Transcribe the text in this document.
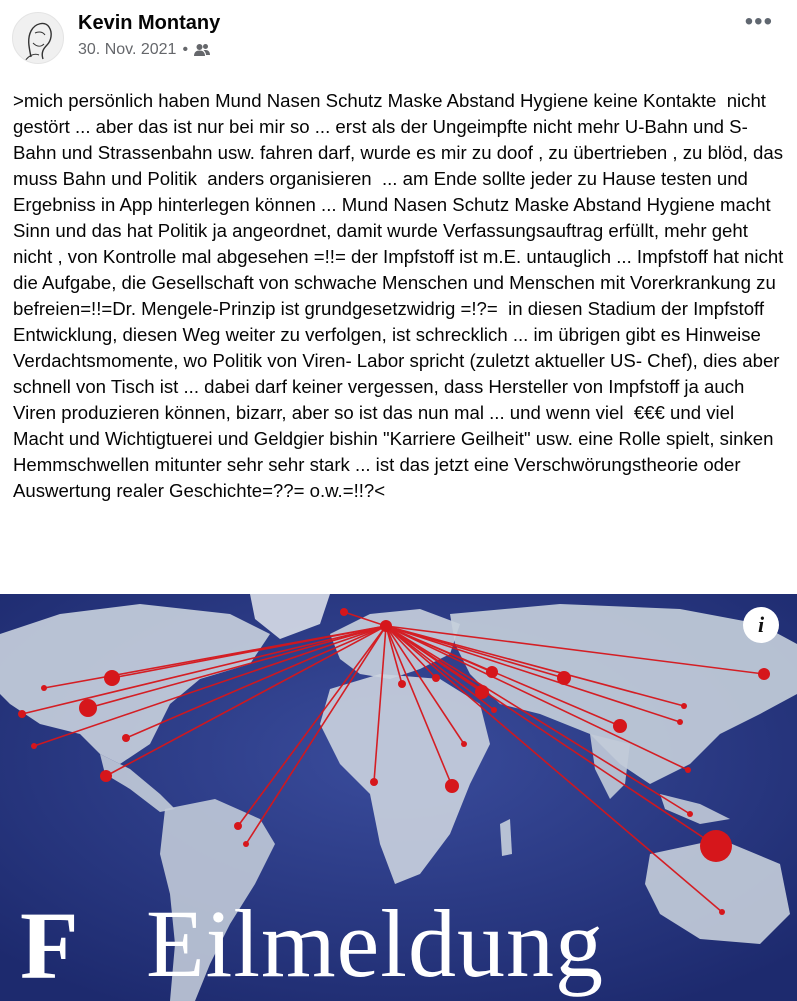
Kevin Montany
30. Nov. 2021 •
•••

>mich persönlich haben Mund Nasen Schutz Maske Abstand Hygiene keine Kontakte  nicht gestört ... aber das ist nur bei mir so ... erst als der Ungeimpfte nicht mehr U-Bahn und S-Bahn und Strassenbahn usw. fahren darf, wurde es mir zu doof , zu übertrieben , zu blöd, das muss Bahn und Politik  anders organisieren  ... am Ende sollte jeder zu Hause testen und Ergebniss in App hinterlegen können ... Mund Nasen Schutz Maske Abstand Hygiene macht Sinn und das hat Politik ja angeordnet, damit wurde Verfassungsauftrag erfüllt, mehr geht nicht , von Kontrolle mal abgesehen =!!= der Impfstoff ist m.E. untauglich ... Impfstoff hat nicht die Aufgabe, die Gesellschaft von schwache Menschen und Menschen mit Vorerkrankung zu befreien=!!=Dr. Mengele-Prinzip ist grundgesetzwidrig =!?=  in diesen Stadium der Impfstoff Entwicklung, diesen Weg weiter zu verfolgen, ist schrecklich ... im übrigen gibt es Hinweise Verdachtsmomente, wo Politik von Viren- Labor spricht (zuletzt aktueller US- Chef), dies aber schnell von Tisch ist ... dabei darf keiner vergessen, dass Hersteller von Impfstoff ja auch Viren produzieren können, bizarr, aber so ist das nun mal ... und wenn viel  €€€ und viel Macht und Wichtigtuerei und Geldgier bishin "Karriere Geilheit" usw. eine Rolle spielt, sinken Hemmschwellen mitunter sehr sehr stark ... ist das jetzt eine Verschwörungstheorie oder Auswertung realer Geschichte=??= o.w.=!!?<

i
F Eilmeldung
